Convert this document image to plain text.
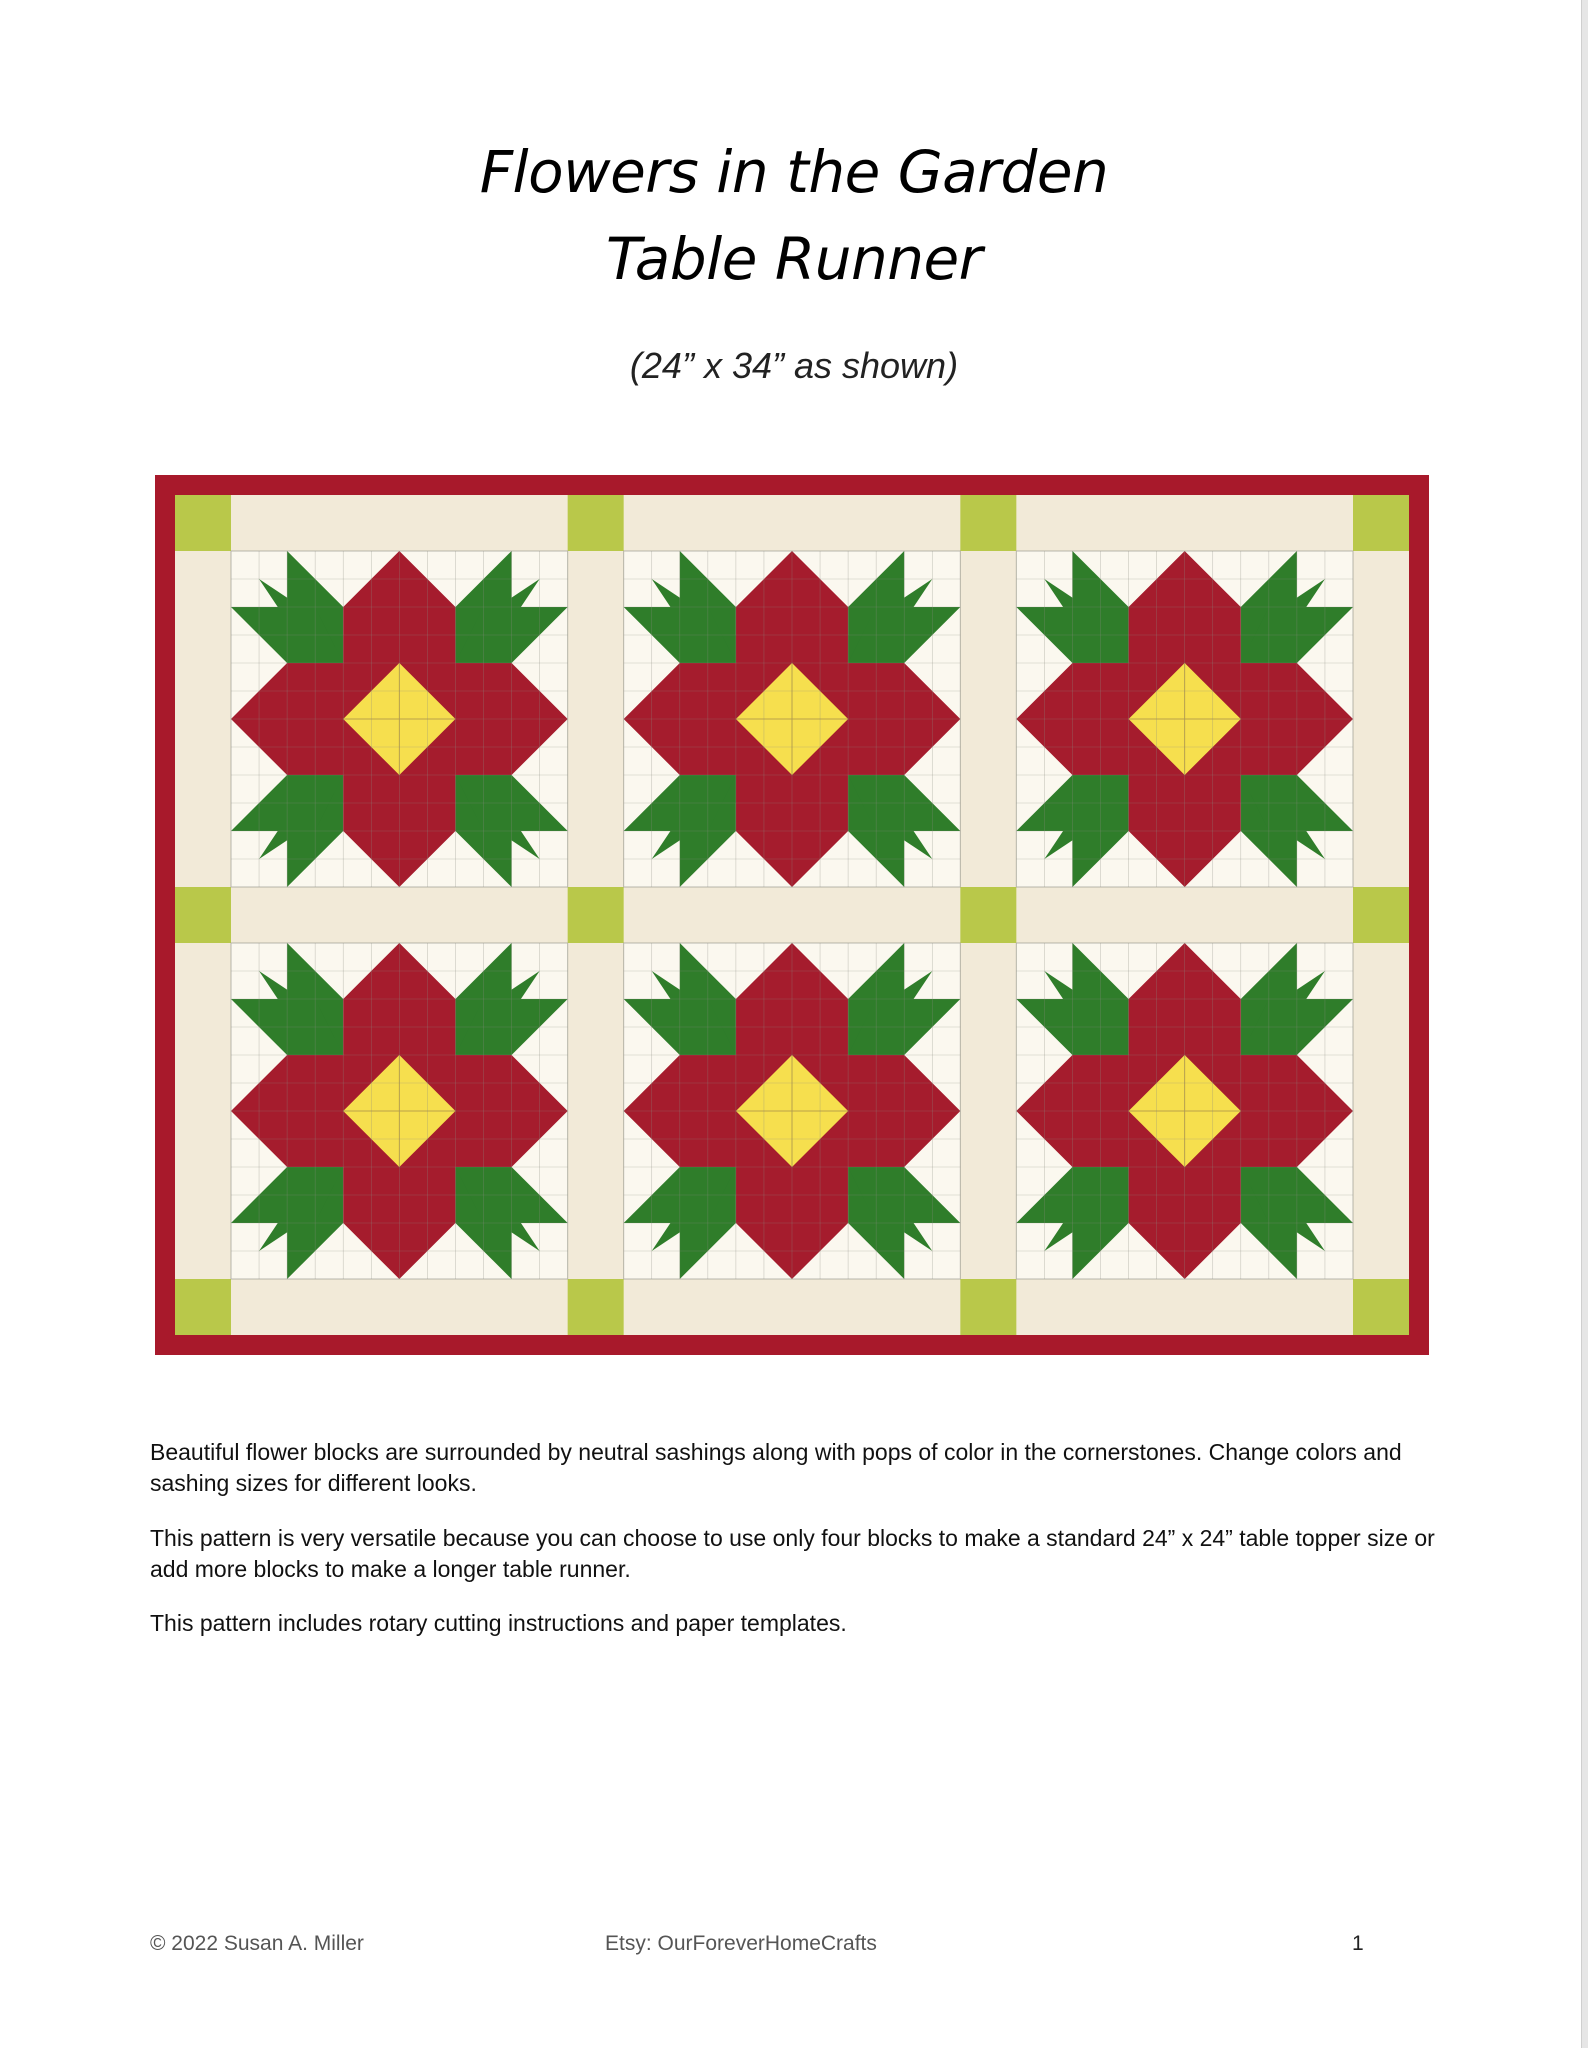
Flowers in the Garden
Table Runner
(24” x 34” as shown)

Beautiful flower blocks are surrounded by neutral sashings along with pops of color in the cornerstones. Change colors and sashing sizes for different looks.

This pattern is very versatile because you can choose to use only four blocks to make a standard 24” x 24” table topper size or add more blocks to make a longer table runner.

This pattern includes rotary cutting instructions and paper templates.

© 2022 Susan A. Miller	Etsy: OurForeverHomeCrafts	1
